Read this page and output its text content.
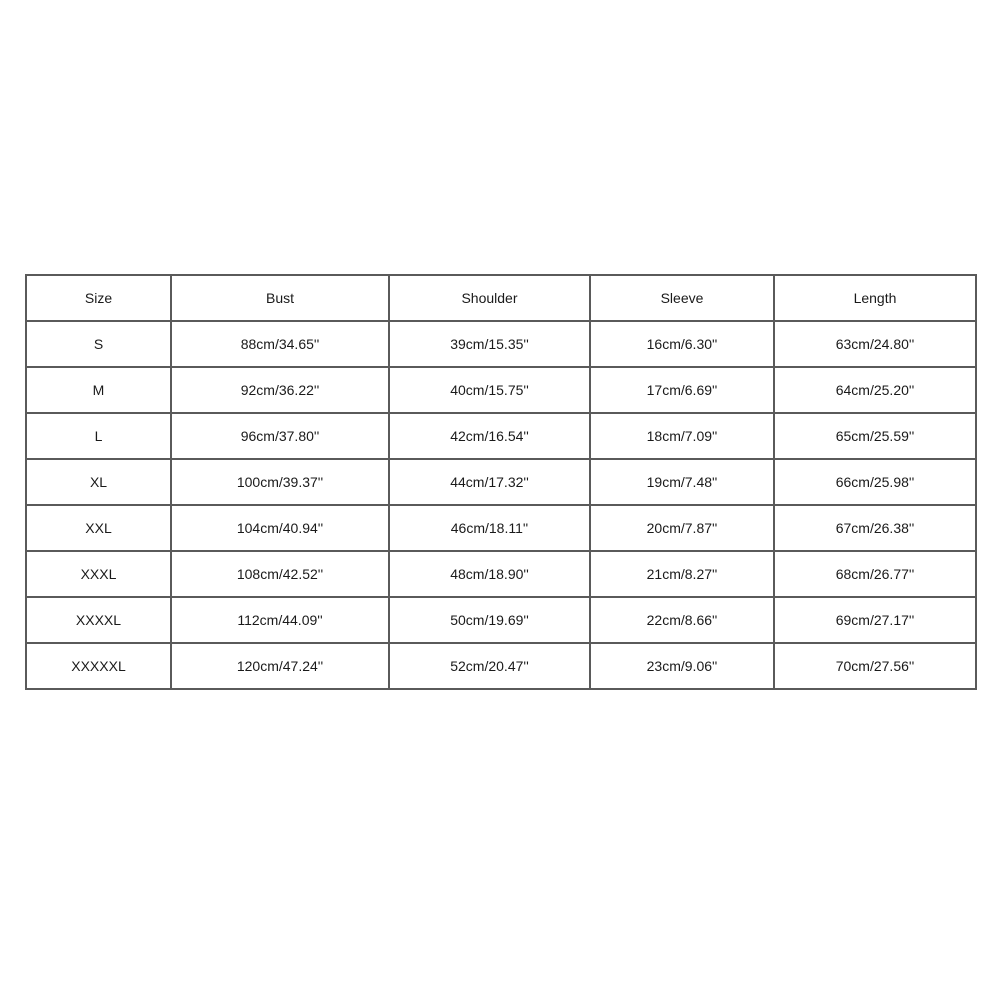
Size	Bust	Shoulder	Sleeve	Length
S	88cm/34.65''	39cm/15.35''	16cm/6.30''	63cm/24.80''
M	92cm/36.22''	40cm/15.75''	17cm/6.69''	64cm/25.20''
L	96cm/37.80''	42cm/16.54''	18cm/7.09''	65cm/25.59''
XL	100cm/39.37''	44cm/17.32''	19cm/7.48''	66cm/25.98''
XXL	104cm/40.94''	46cm/18.11''	20cm/7.87''	67cm/26.38''
XXXL	108cm/42.52''	48cm/18.90''	21cm/8.27''	68cm/26.77''
XXXXL	112cm/44.09''	50cm/19.69''	22cm/8.66''	69cm/27.17''
XXXXXL	120cm/47.24''	52cm/20.47''	23cm/9.06''	70cm/27.56''
